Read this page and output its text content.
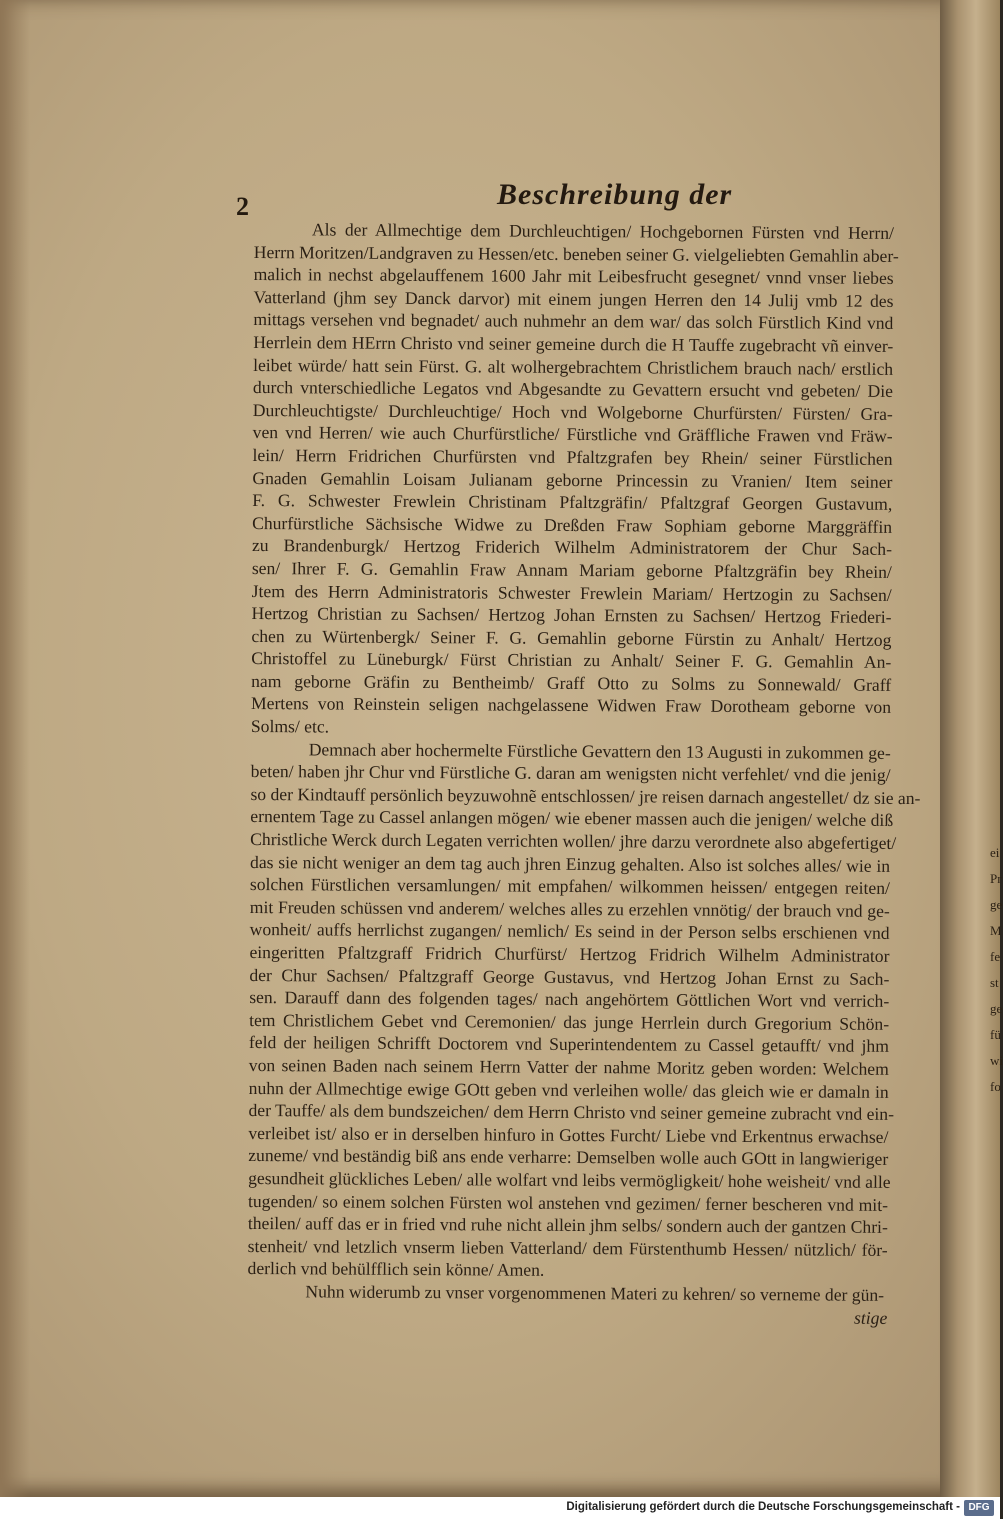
2	Beschreibung der
Als der Allmechtige dem Durchleuchtigen/ Hochgebornen Fürsten vnd Herrn/
Herrn Moritzen/Landgraven zu Hessen/etc. beneben seiner G. vielgeliebten Gemahlin aber-
malich in nechst abgelauffenem 1600 Jahr mit Leibesfrucht gesegnet/ vnnd vnser liebes
Vatterland (jhm sey Danck darvor) mit einem jungen Herren den 14 Julij vmb 12 des
mittags versehen vnd begnadet/ auch nuhmehr an dem war/ das solch Fürstlich Kind vnd
Herrlein dem HErrn Christo vnd seiner gemeine durch die H Tauffe zugebracht vñ einver-
leibet würde/ hatt sein Fürst. G. alt wolhergebrachtem Christlichem brauch nach/ erstlich
durch vnterschiedliche Legatos vnd Abgesandte zu Gevattern ersucht vnd gebeten/ Die
Durchleuchtigste/ Durchleuchtige/ Hoch vnd Wolgeborne Churfürsten/ Fürsten/ Gra-
ven vnd Herren/ wie auch Churfürstliche/ Fürstliche vnd Gräffliche Frawen vnd Fräw-
lein/ Herrn Fridrichen Churfürsten vnd Pfaltzgrafen bey Rhein/ seiner Fürstlichen
Gnaden Gemahlin Loisam Julianam geborne Princessin zu Vranien/ Item seiner
F. G. Schwester Frewlein Christinam Pfaltzgräfin/ Pfaltzgraf Georgen Gustavum,
Churfürstliche Sächsische Widwe zu Dreßden Fraw Sophiam geborne Marggräffin
zu Brandenburgk/ Hertzog Friderich Wilhelm Administratorem der Chur Sach-
sen/ Ihrer F. G. Gemahlin Fraw Annam Mariam geborne Pfaltzgräfin bey Rhein/
Jtem des Herrn Administratoris Schwester Frewlein Mariam/ Hertzogin zu Sachsen/
Hertzog Christian zu Sachsen/ Hertzog Johan Ernsten zu Sachsen/ Hertzog Friederi-
chen zu Würtenbergk/ Seiner F. G. Gemahlin geborne Fürstin zu Anhalt/ Hertzog
Christoffel zu Lüneburgk/ Fürst Christian zu Anhalt/ Seiner F. G. Gemahlin An-
nam geborne Gräfin zu Bentheimb/ Graff Otto zu Solms zu Sonnewald/ Graff
Mertens von Reinstein seligen nachgelassene Widwen Fraw Dorotheam geborne von
Solms/ etc.
Demnach aber hochermelte Fürstliche Gevattern den 13 Augusti in zukommen ge-
beten/ haben jhr Chur vnd Fürstliche G. daran am wenigsten nicht verfehlet/ vnd die jenig/
so der Kindtauff persönlich beyzuwohnẽ entschlossen/ jre reisen darnach angestellet/ dz sie an-
ernentem Tage zu Cassel anlangen mögen/ wie ebener massen auch die jenigen/ welche diß
Christliche Werck durch Legaten verrichten wollen/ jhre darzu verordnete also abgefertiget/
das sie nicht weniger an dem tag auch jhren Einzug gehalten. Also ist solches alles/ wie in
solchen Fürstlichen versamlungen/ mit empfahen/ wilkommen heissen/ entgegen reiten/
mit Freuden schüssen vnd anderem/ welches alles zu erzehlen vnnötig/ der brauch vnd ge-
wonheit/ auffs herrlichst zugangen/ nemlich/ Es seind in der Person selbs erschienen vnd
eingeritten Pfaltzgraff Fridrich Churfürst/ Hertzog Fridrich Wilhelm Administrator
der Chur Sachsen/ Pfaltzgraff George Gustavus, vnd Hertzog Johan Ernst zu Sach-
sen. Darauff dann des folgenden tages/ nach angehörtem Göttlichen Wort vnd verrich-
tem Christlichem Gebet vnd Ceremonien/ das junge Herrlein durch Gregorium Schön-
feld der heiligen Schrifft Doctorem vnd Superintendentem zu Cassel getaufft/ vnd jhm
von seinen Baden nach seinem Herrn Vatter der nahme Moritz geben worden: Welchem
nuhn der Allmechtige ewige GOtt geben vnd verleihen wolle/ das gleich wie er damaln in
der Tauffe/ als dem bundszeichen/ dem Herrn Christo vnd seiner gemeine zubracht vnd ein-
verleibet ist/ also er in derselben hinfuro in Gottes Furcht/ Liebe vnd Erkentnus erwachse/
zuneme/ vnd beständig biß ans ende verharre: Demselben wolle auch GOtt in langwieriger
gesundheit glückliches Leben/ alle wolfart vnd leibs vermögligkeit/ hohe weisheit/ vnd alle
tugenden/ so einem solchen Fürsten wol anstehen vnd gezimen/ ferner bescheren vnd mit-
theilen/ auff das er in fried vnd ruhe nicht allein jhm selbs/ sondern auch der gantzen Chri-
stenheit/ vnd letzlich vnserm lieben Vatterland/ dem Fürstenthumb Hessen/ nützlich/ för-
derlich vnd behülfflich sein könne/ Amen.
Nuhn widerumb zu vnser vorgenommenen Materi zu kehren/ so verneme der gün-
stige
ei
Pr
ge
M
fe
st
ge
fü
wi
fo
Digitalisierung gefördert durch die Deutsche Forschungsgemeinschaft - DFG
